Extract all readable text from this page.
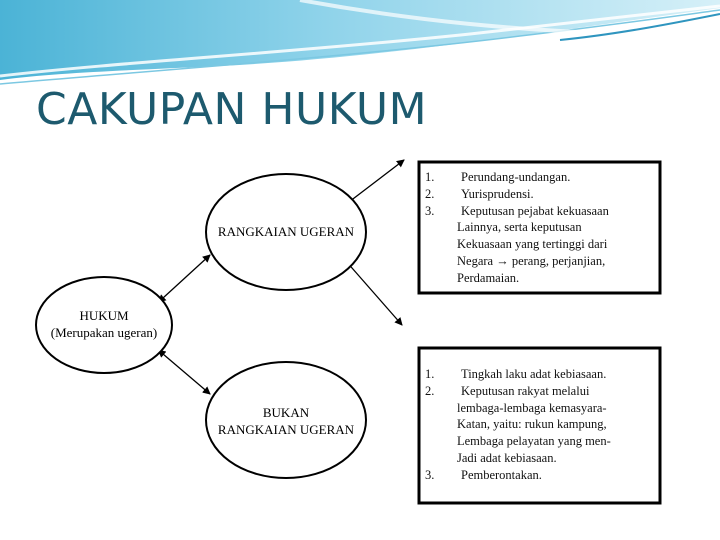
CAKUPAN HUKUM
HUKUM
(Merupakan ugeran)
RANGKAIAN UGERAN
BUKAN
RANGKAIAN UGERAN
1. Perundang-undangan.
2. Yurisprudensi.
3. Keputusan pejabat kekuasaan
Lainnya, serta keputusan
Kekuasaan yang tertinggi dari
Negara → perang, perjanjian,
Perdamaian.
1. Tingkah laku adat kebiasaan.
2. Keputusan rakyat melalui
lembaga-lembaga kemasyara-
Katan, yaitu: rukun kampung,
Lembaga pelayatan yang men-
Jadi adat kebiasaan.
3. Pemberontakan.
